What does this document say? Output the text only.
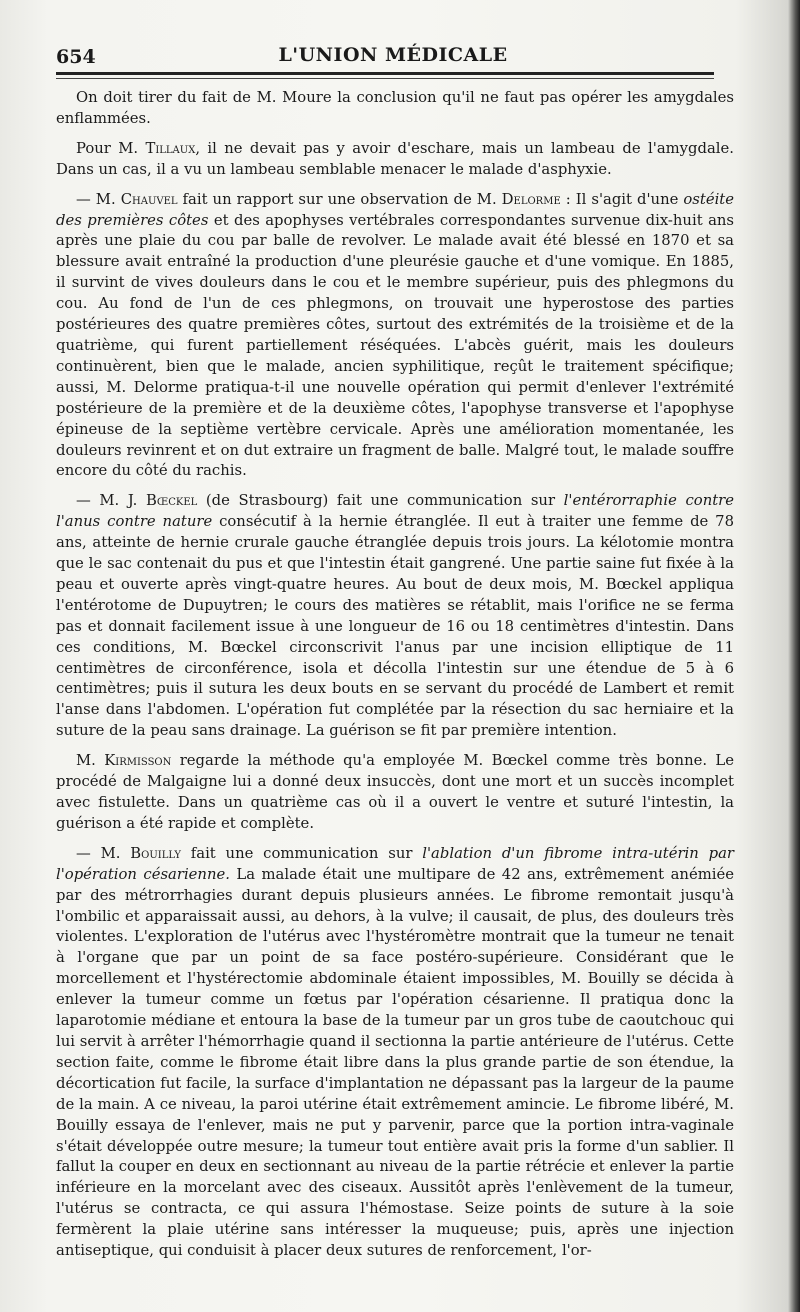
654	L'UNION MÉDICALE

On doit tirer du fait de M. Moure la conclusion qu'il ne faut pas opérer les amygdales enflammées.

Pour M. Tillaux, il ne devait pas y avoir d'eschare, mais un lambeau de l'amygdale. Dans un cas, il a vu un lambeau semblable menacer le malade d'asphyxie.

— M. Chauvel fait un rapport sur une observation de M. Delorme : Il s'agit d'une ostéite des premières côtes et des apophyses vertébrales correspondantes survenue dix-huit ans après une plaie du cou par balle de revolver. Le malade avait été blessé en 1870 et sa blessure avait entraîné la production d'une pleurésie gauche et d'une vomique. En 1885, il survint de vives douleurs dans le cou et le membre supérieur, puis des phlegmons du cou. Au fond de l'un de ces phlegmons, on trouvait une hyperostose des parties postérieures des quatre premières côtes, surtout des extrémités de la troisième et de la quatrième, qui furent partiellement réséquées. L'abcès guérit, mais les douleurs continuèrent, bien que le malade, ancien syphilitique, reçût le traitement spécifique; aussi, M. Delorme pratiqua-t-il une nouvelle opération qui permit d'enlever l'extrémité postérieure de la première et de la deuxième côtes, l'apophyse transverse et l'apophyse épineuse de la septième vertèbre cervicale. Après une amélioration momentanée, les douleurs revinrent et on dut extraire un fragment de balle. Malgré tout, le malade souffre encore du côté du rachis.

— M. J. Bœckel (de Strasbourg) fait une communication sur l'entérorraphie contre l'anus contre nature consécutif à la hernie étranglée. Il eut à traiter une femme de 78 ans, atteinte de hernie crurale gauche étranglée depuis trois jours. La kélotomie montra que le sac contenait du pus et que l'intestin était gangrené. Une partie saine fut fixée à la peau et ouverte après vingt-quatre heures. Au bout de deux mois, M. Bœckel appliqua l'entérotome de Dupuytren; le cours des matières se rétablit, mais l'orifice ne se ferma pas et donnait facilement issue à une longueur de 16 ou 18 centimètres d'intestin. Dans ces conditions, M. Bœckel circonscrivit l'anus par une incision elliptique de 11 centimètres de circonférence, isola et décolla l'intestin sur une étendue de 5 à 6 centimètres; puis il sutura les deux bouts en se servant du procédé de Lambert et remit l'anse dans l'abdomen. L'opération fut complétée par la résection du sac herniaire et la suture de la peau sans drainage. La guérison se fit par première intention.

M. Kirmisson regarde la méthode qu'a employée M. Bœckel comme très bonne. Le procédé de Malgaigne lui a donné deux insuccès, dont une mort et un succès incomplet avec fistulette. Dans un quatrième cas où il a ouvert le ventre et suturé l'intestin, la guérison a été rapide et complète.

— M. Bouilly fait une communication sur l'ablation d'un fibrome intra-utérin par l'opération césarienne. La malade était une multipare de 42 ans, extrêmement anémiée par des métrorrhagies durant depuis plusieurs années. Le fibrome remontait jusqu'à l'ombilic et apparaissait aussi, au dehors, à la vulve; il causait, de plus, des douleurs très violentes. L'exploration de l'utérus avec l'hystéromètre montrait que la tumeur ne tenait à l'organe que par un point de sa face postéro-supérieure. Considérant que le morcellement et l'hystérectomie abdominale étaient impossibles, M. Bouilly se décida à enlever la tumeur comme un fœtus par l'opération césarienne. Il pratiqua donc la laparotomie médiane et entoura la base de la tumeur par un gros tube de caoutchouc qui lui servit à arrêter l'hémorrhagie quand il sectionna la partie antérieure de l'utérus. Cette section faite, comme le fibrome était libre dans la plus grande partie de son étendue, la décortication fut facile, la surface d'implantation ne dépassant pas la largeur de la paume de la main. A ce niveau, la paroi utérine était extrêmement amincie. Le fibrome libéré, M. Bouilly essaya de l'enlever, mais ne put y parvenir, parce que la portion intra-vaginale s'était développée outre mesure; la tumeur tout entière avait pris la forme d'un sablier. Il fallut la couper en deux en sectionnant au niveau de la partie rétrécie et enlever la partie inférieure en la morcelant avec des ciseaux. Aussitôt après l'enlèvement de la tumeur, l'utérus se contracta, ce qui assura l'hémostase. Seize points de suture à la soie fermèrent la plaie utérine sans intéresser la muqueuse; puis, après une injection antiseptique, qui conduisit à placer deux sutures de renforcement, l'or-
